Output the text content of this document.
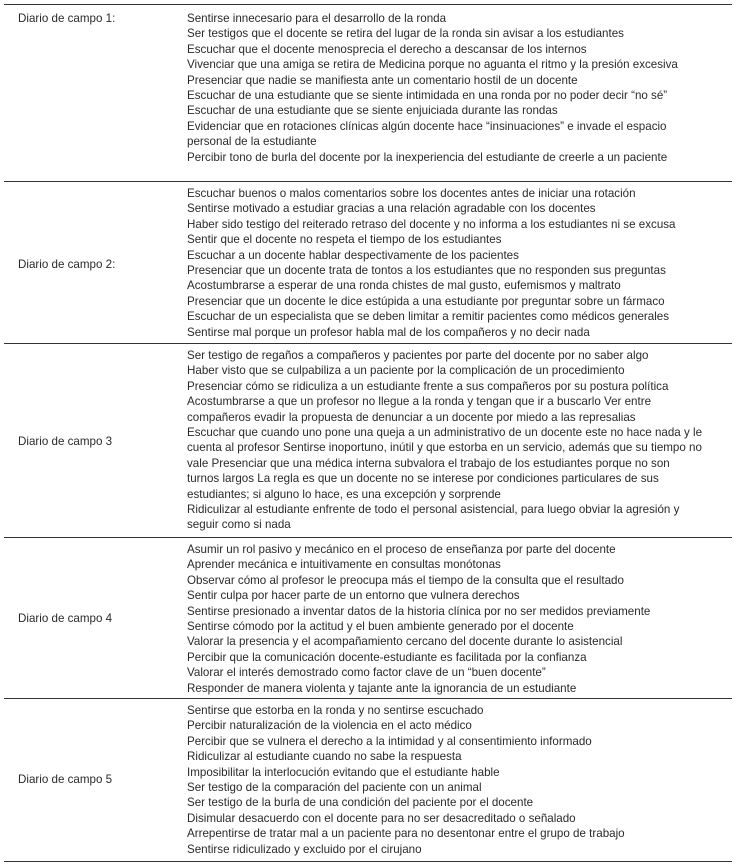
Diario de campo 1:	Sentirse innecesario para el desarrollo de la ronda
Ser testigos que el docente se retira del lugar de la ronda sin avisar a los estudiantes
Escuchar que el docente menosprecia el derecho a descansar de los internos
Vivenciar que una amiga se retira de Medicina porque no aguanta el ritmo y la presión excesiva
Presenciar que nadie se manifiesta ante un comentario hostil de un docente
Escuchar de una estudiante que se siente intimidada en una ronda por no poder decir “no sé”
Escuchar de una estudiante que se siente enjuiciada durante las rondas
Evidenciar que en rotaciones clínicas algún docente hace “insinuaciones” e invade el espacio personal de la estudiante
Percibir tono de burla del docente por la inexperiencia del estudiante de creerle a un paciente
Diario de campo 2:
Escuchar buenos o malos comentarios sobre los docentes antes de iniciar una rotación
Sentirse motivado a estudiar gracias a una relación agradable con los docentes
Haber sido testigo del reiterado retraso del docente y no informa a los estudiantes ni se excusa
Sentir que el docente no respeta el tiempo de los estudiantes
Escuchar a un docente hablar despectivamente de los pacientes
Presenciar que un docente trata de tontos a los estudiantes que no responden sus preguntas
Acostumbrarse a esperar de una ronda chistes de mal gusto, eufemismos y maltrato
Presenciar que un docente le dice estúpida a una estudiante por preguntar sobre un fármaco
Escuchar de un especialista que se deben limitar a remitir pacientes como médicos generales
Sentirse mal porque un profesor habla mal de los compañeros y no decir nada
Diario de campo 3
Ser testigo de regaños a compañeros y pacientes por parte del docente por no saber algo
Haber visto que se culpabiliza a un paciente por la complicación de un procedimiento
Presenciar cómo se ridiculiza a un estudiante frente a sus compañeros por su postura política
Acostumbrarse a que un profesor no llegue a la ronda y tengan que ir a buscarlo Ver entre compañeros evadir la propuesta de denunciar a un docente por miedo a las represalias
Escuchar que cuando uno pone una queja a un administrativo de un docente este no hace nada y le cuenta al profesor Sentirse inoportuno, inútil y que estorba en un servicio, además que su tiempo no vale Presenciar que una médica interna subvalora el trabajo de los estudiantes porque no son turnos largos La regla es que un docente no se interese por condiciones particulares de sus estudiantes; si alguno lo hace, es una excepción y sorprende
Ridiculizar al estudiante enfrente de todo el personal asistencial, para luego obviar la agresión y seguir como si nada
Diario de campo 4
Asumir un rol pasivo y mecánico en el proceso de enseñanza por parte del docente
Aprender mecánica e intuitivamente en consultas monótonas
Observar cómo al profesor le preocupa más el tiempo de la consulta que el resultado
Sentir culpa por hacer parte de un entorno que vulnera derechos
Sentirse presionado a inventar datos de la historia clínica por no ser medidos previamente
Sentirse cómodo por la actitud y el buen ambiente generado por el docente
Valorar la presencia y el acompañamiento cercano del docente durante lo asistencial
Percibir que la comunicación docente-estudiante es facilitada por la confianza
Valorar el interés demostrado como factor clave de un “buen docente”
Responder de manera violenta y tajante ante la ignorancia de un estudiante
Diario de campo 5
Sentirse que estorba en la ronda y no sentirse escuchado
Percibir naturalización de la violencia en el acto médico
Percibir que se vulnera el derecho a la intimidad y al consentimiento informado
Ridiculizar al estudiante cuando no sabe la respuesta
Imposibilitar la interlocución evitando que el estudiante hable
Ser testigo de la comparación del paciente con un animal
Ser testigo de la burla de una condición del paciente por el docente
Disimular desacuerdo con el docente para no ser desacreditado o señalado
Arrepentirse de tratar mal a un paciente para no desentonar entre el grupo de trabajo
Sentirse ridiculizado y excluido por el cirujano
